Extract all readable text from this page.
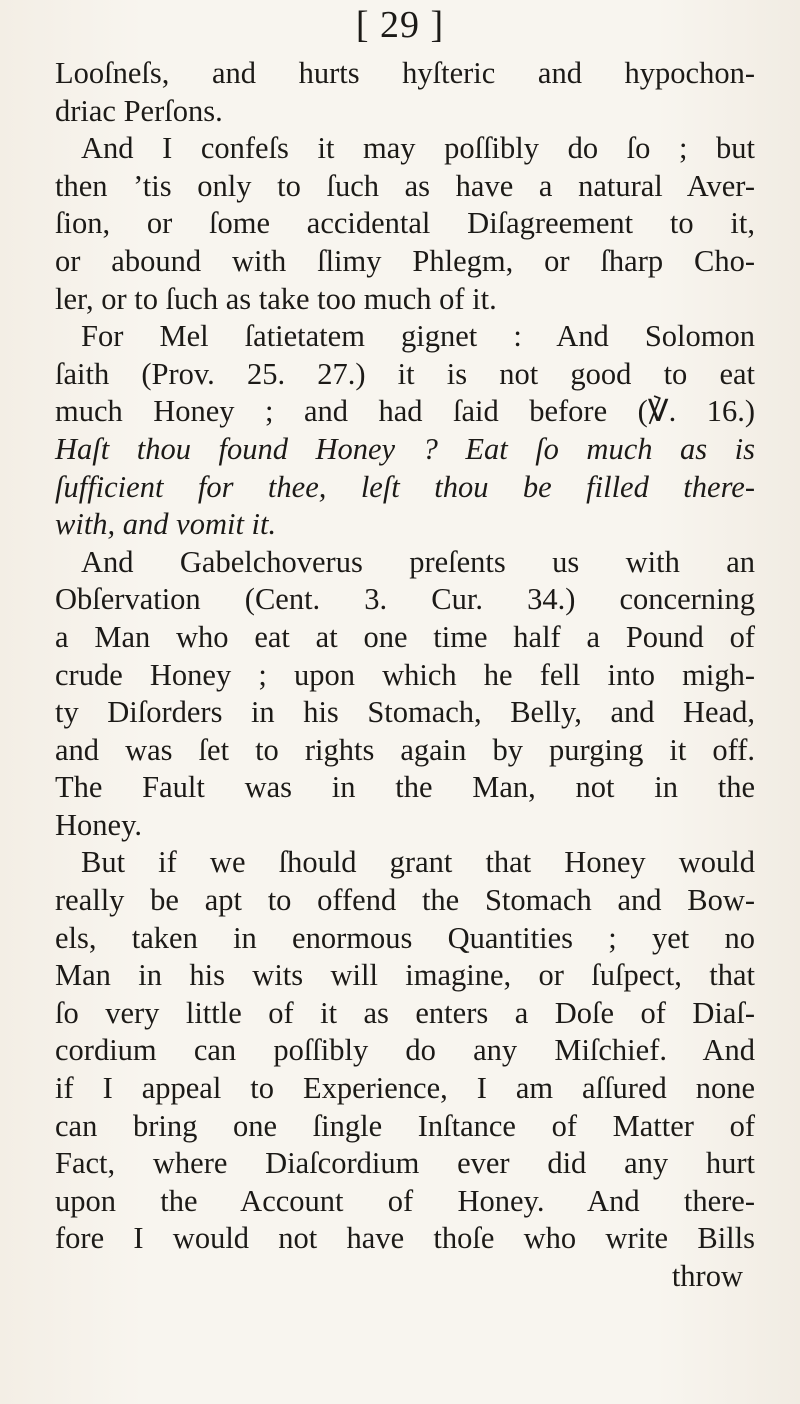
[ 29 ]
Looſneſs, and hurts hyſteric and hypochon-
driac Perſons.
And I confeſs it may poſſibly do ſo ; but
then ’tis only to ſuch as have a natural Aver-
ſion, or ſome accidental Diſagreement to it,
or abound with ſlimy Phlegm, or ſharp Cho-
ler, or to ſuch as take too much of it.
For Mel ſatietatem gignet : And Solomon
ſaith (Prov. 25. 27.) it is not good to eat
much Honey ; and had ſaid before (℣. 16.)
Haſt thou found Honey ? Eat ſo much as is
ſufficient for thee, leſt thou be filled there-
with, and vomit it.
And Gabelchoverus preſents us with an
Obſervation (Cent. 3. Cur. 34.) concerning
a Man who eat at one time half a Pound of
crude Honey ; upon which he fell into migh-
ty Diſorders in his Stomach, Belly, and Head,
and was ſet to rights again by purging it off.
The Fault was in the Man, not in the
Honey.
But if we ſhould grant that Honey would
really be apt to offend the Stomach and Bow-
els, taken in enormous Quantities ; yet no
Man in his wits will imagine, or ſuſpect, that
ſo very little of it as enters a Doſe of Diaſ-
cordium can poſſibly do any Miſchief. And
if I appeal to Experience, I am aſſured none
can bring one ſingle Inſtance of Matter of
Fact, where Diaſcordium ever did any hurt
upon the Account of Honey. And there-
fore I would not have thoſe who write Bills
throw
